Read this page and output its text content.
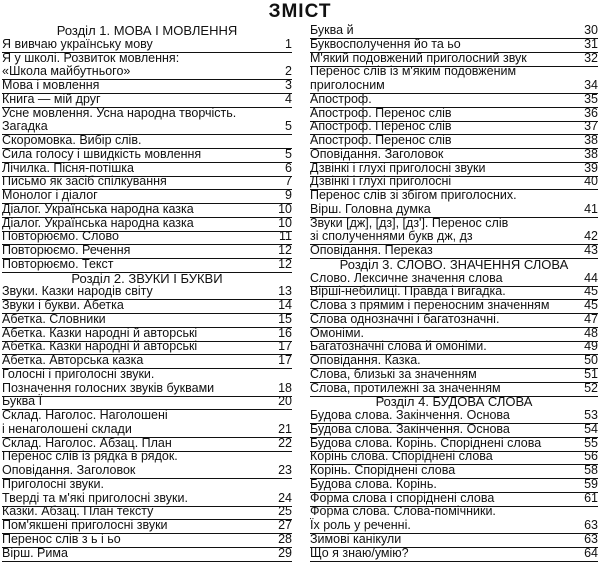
ЗМІСТ
Розділ 1. МОВА І МОВЛЕННЯ
Я вивчаю українську мову	1
Я у школі. Розвиток мовлення:
«Школа майбутнього»	2
Мова і мовлення	3
Книга — мій друг	4
Усне мовлення. Усна народна творчість.
Загадка	5
Скоромовка. Вибір слів.
Сила голосу і швидкість мовлення	5
Лічилка. Пісня-потішка	6
Письмо як засіб спілкування	7
Монолог і діалог	9
Діалог. Українська народна казка	10
Діалог. Українська народна казка	10
Повторюємо. Слово	11
Повторюємо. Речення	12
Повторюємо. Текст	12
Розділ 2. ЗВУКИ І БУКВИ
Звуки. Казки народів світу	13
Звуки і букви. Абетка	14
Абетка. Словники	15
Абетка. Казки народні й авторські	16
Абетка. Казки народні й авторські	17
Абетка. Авторська казка	17
Голосні і приголосні звуки.
Позначення голосних звуків буквами	18
Буква Ї	20
Склад. Наголос. Наголошені
і ненаголошені склади	21
Склад. Наголос. Абзац. План	22
Перенос слів із рядка в рядок.
Оповідання. Заголовок	23
Приголосні звуки.
Тверді та м'які приголосні звуки.	24
Казки. Абзац. План тексту	25
Пом'якшені приголосні звуки	27
Перенос слів з ь і ьо	28
Вірш. Рима	29
Буква й	30
Буквосполучення йо та ьо	31
М'який подовжений приголосний звук	32
Перенос слів із м'яким подовженим
приголосним	34
Апостроф.	35
Апостроф. Перенос слів	36
Апостроф. Перенос слів	37
Апостроф. Перенос слів	38
Оповідання. Заголовок	38
Дзвінкі і глухі приголосні звуки	39
Дзвінкі і глухі приголосні	40
Перенос слів зі збігом приголосних.
Вірш. Головна думка	41
Звуки [дж], [дз], [дз']. Перенос слів
зі сполученнями букв дж, дз	42
Оповідання. Переказ	43
Розділ 3. СЛОВО. ЗНАЧЕННЯ СЛОВА
Слово. Лексичне значення слова	44
Вірші-небилиці. Правда і вигадка.	45
Слова з прямим і переносним значенням	45
Слова однозначні і багатозначні.	47
Омоніми.	48
Багатозначні слова й омоніми.	49
Оповідання. Казка.	50
Слова, близькі за значенням	51
Слова, протилежні за значенням	52
Розділ 4. БУДОВА СЛОВА
Будова слова. Закінчення. Основа	53
Будова слова. Закінчення. Основа	54
Будова слова. Корінь. Споріднені слова	55
Корінь слова. Споріднені слова	56
Корінь. Споріднені слова	58
Будова слова. Корінь.	59
Форма слова і споріднені слова	61
Форма слова. Слова-помічники.
Їх роль у реченні.	63
Зимові канікули	63
Що я знаю/умію?	64
